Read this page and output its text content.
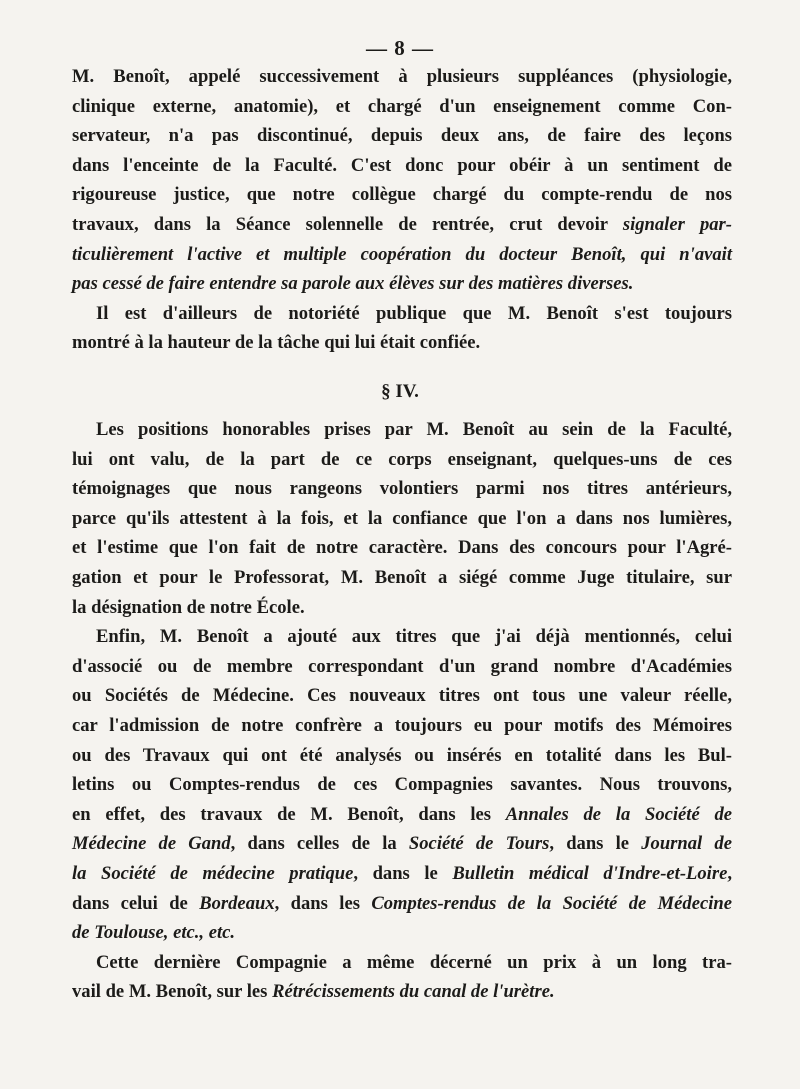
— 8 —
M. Benoît, appelé successivement à plusieurs suppléances (physiologie,
clinique externe, anatomie), et chargé d'un enseignement comme Con-
servateur, n'a pas discontinué, depuis deux ans, de faire des leçons
dans l'enceinte de la Faculté. C'est donc pour obéir à un sentiment de
rigoureuse justice, que notre collègue chargé du compte-rendu de nos
travaux, dans la Séance solennelle de rentrée, crut devoir signaler par-
ticulièrement l'active et multiple coopération du docteur Benoît, qui n'avait
pas cessé de faire entendre sa parole aux élèves sur des matières diverses.
Il est d'ailleurs de notoriété publique que M. Benoît s'est toujours
montré à la hauteur de la tâche qui lui était confiée.
§ IV.
Les positions honorables prises par M. Benoît au sein de la Faculté,
lui ont valu, de la part de ce corps enseignant, quelques-uns de ces
témoignages que nous rangeons volontiers parmi nos titres antérieurs,
parce qu'ils attestent à la fois, et la confiance que l'on a dans nos lumières,
et l'estime que l'on fait de notre caractère. Dans des concours pour l'Agré-
gation et pour le Professorat, M. Benoît a siégé comme Juge titulaire, sur
la désignation de notre École.
Enfin, M. Benoît a ajouté aux titres que j'ai déjà mentionnés, celui
d'associé ou de membre correspondant d'un grand nombre d'Académies
ou Sociétés de Médecine. Ces nouveaux titres ont tous une valeur réelle,
car l'admission de notre confrère a toujours eu pour motifs des Mémoires
ou des Travaux qui ont été analysés ou insérés en totalité dans les Bul-
letins ou Comptes-rendus de ces Compagnies savantes. Nous trouvons,
en effet, des travaux de M. Benoît, dans les Annales de la Société de
Médecine de Gand, dans celles de la Société de Tours, dans le Journal de
la Société de médecine pratique, dans le Bulletin médical d'Indre-et-Loire,
dans celui de Bordeaux, dans les Comptes-rendus de la Société de Médecine
de Toulouse, etc., etc.
Cette dernière Compagnie a même décerné un prix à un long tra-
vail de M. Benoît, sur les Rétrécissements du canal de l'urètre.
